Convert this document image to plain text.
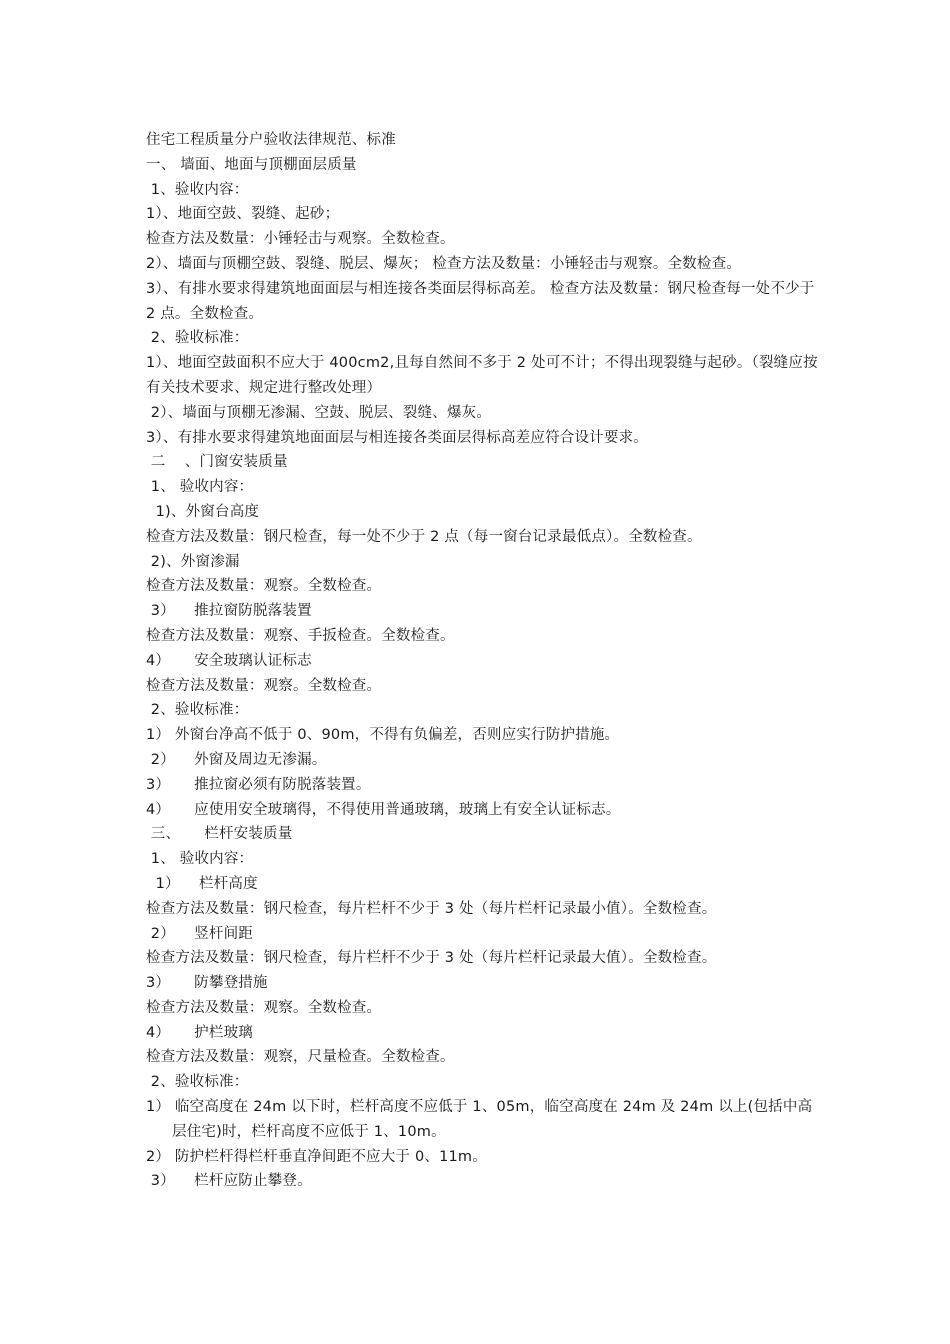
住宅工程质量分户验收法律规范、标准
一、 墙面、地面与顶棚面层质量
1、验收内容：
1）、地面空鼓、裂缝、起砂；
检查方法及数量：小锤轻击与观察。全数检查。
2）、墙面与顶棚空鼓、裂缝、脱层、爆灰； 检查方法及数量：小锤轻击与观察。全数检查。
3）、有排水要求得建筑地面面层与相连接各类面层得标高差。 检查方法及数量：钢尺检查每一处不少于 2 点。全数检查。
2、验收标准：
1）、地面空鼓面积不应大于 400cm2,且每自然间不多于 2 处可不计；不得出现裂缝与起砂。（裂缝应按有关技术要求、规定进行整改处理）
2）、墙面与顶棚无渗漏、空鼓、脱层、裂缝、爆灰。
3）、有排水要求得建筑地面面层与相连接各类面层得标高差应符合设计要求。
二    、门窗安装质量
1、 验收内容：
1)、外窗台高度
检查方法及数量：钢尺检查，每一处不少于 2 点（每一窗台记录最低点）。全数检查。
2)、外窗渗漏
检查方法及数量：观察。全数检查。
3）    推拉窗防脱落装置
检查方法及数量：观察、手扳检查。全数检查。
4）     安全玻璃认证标志
检查方法及数量：观察。全数检查。
2、验收标准：
1） 外窗台净高不低于 0、90m，不得有负偏差，否则应实行防护措施。
2）    外窗及周边无渗漏。
3）     推拉窗必须有防脱落装置。
4）     应使用安全玻璃得，不得使用普通玻璃，玻璃上有安全认证标志。
三、     栏杆安装质量
1、 验收内容：
1）    栏杆高度
检查方法及数量：钢尺检查，每片栏杆不少于 3 处（每片栏杆记录最小值）。全数检查。
2）    竖杆间距
检查方法及数量：钢尺检查，每片栏杆不少于 3 处（每片栏杆记录最大值）。全数检查。
3）     防攀登措施
检查方法及数量：观察。全数检查。
4）     护栏玻璃
检查方法及数量：观察，尺量检查。全数检查。
2、验收标准：
1） 临空高度在 24m 以下时，栏杆高度不应低于 1、05m，临空高度在 24m 及 24m 以上(包括中高层住宅)时，栏杆高度不应低于 1、10m。
2） 防护栏杆得栏杆垂直净间距不应大于 0、11m。
3）    栏杆应防止攀登。
